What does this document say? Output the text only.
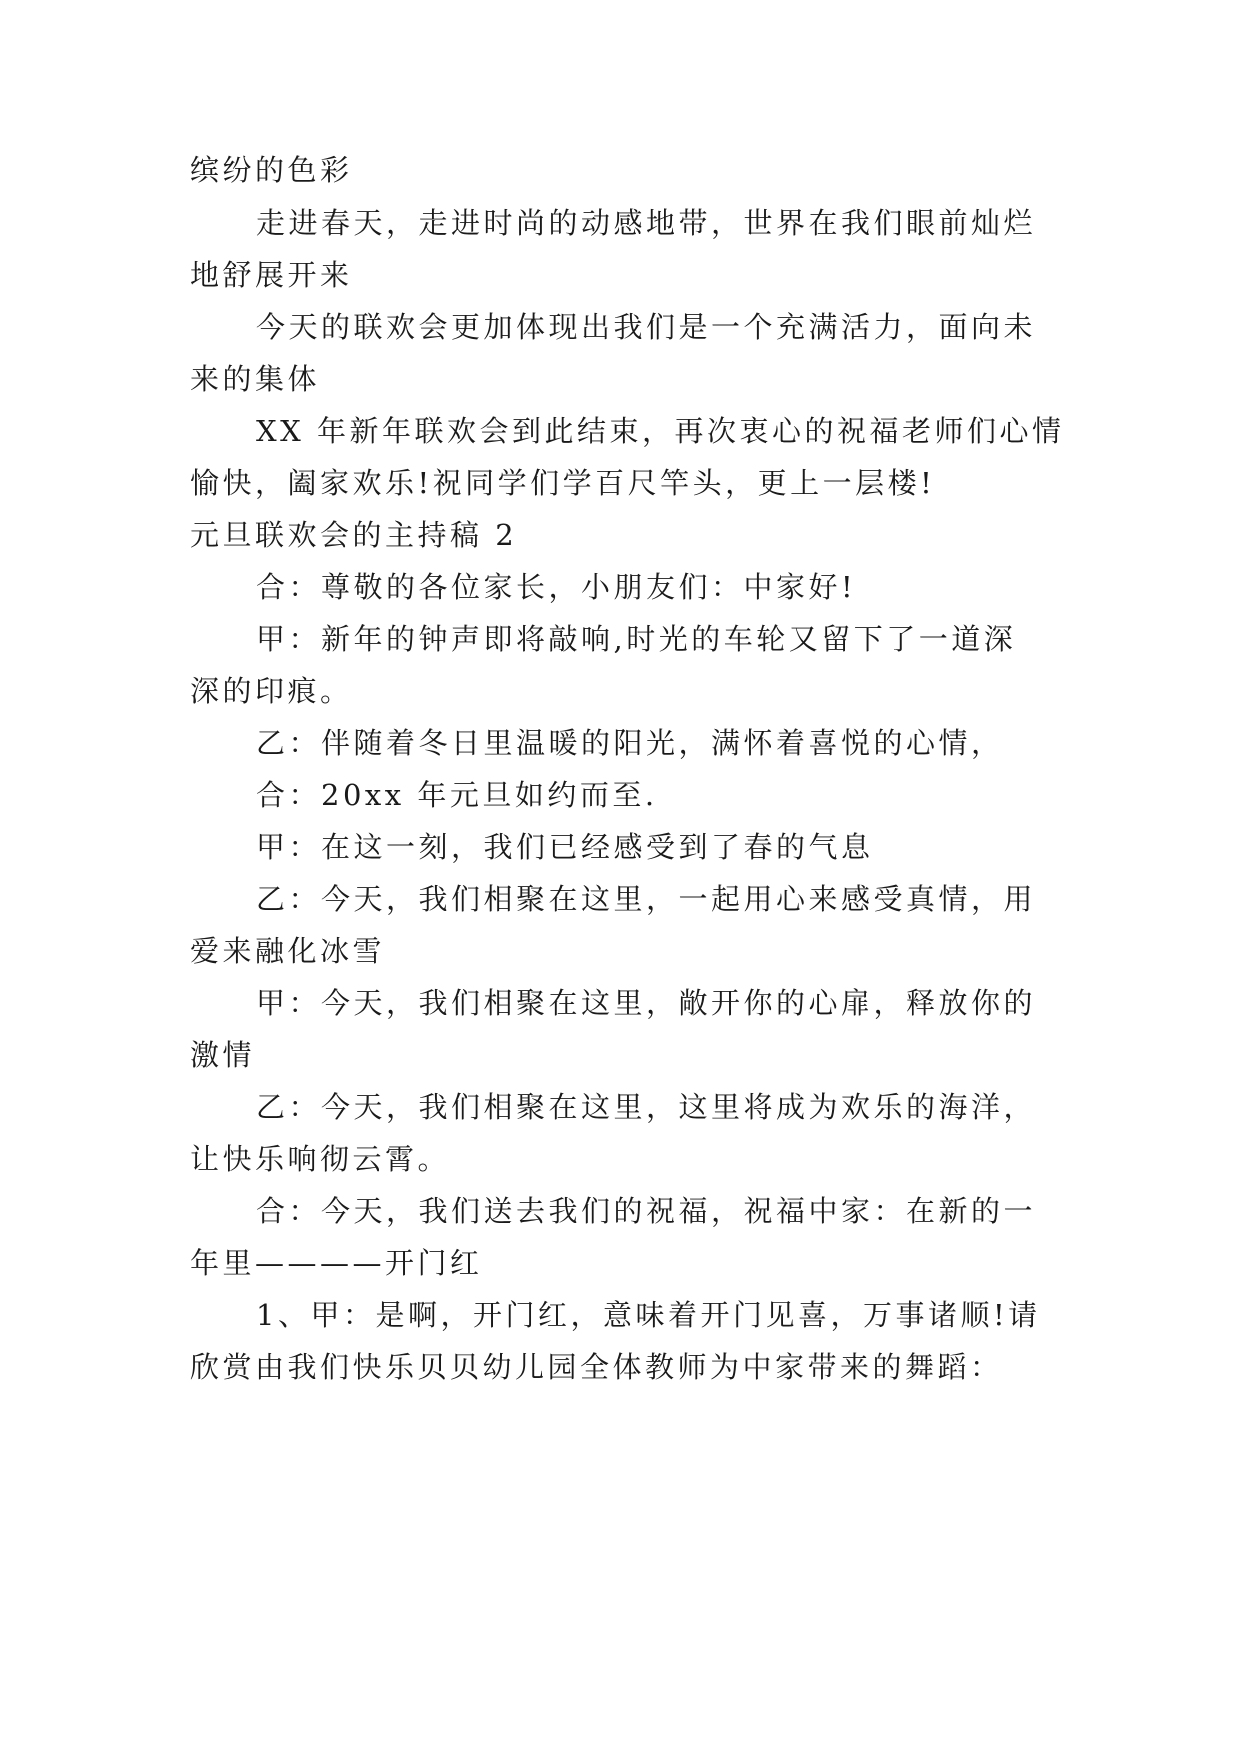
缤纷的色彩

走进春天，走进时尚的动感地带，世界在我们眼前灿烂

地舒展开来

今天的联欢会更加体现出我们是一个充满活力，面向未

来的集体

XX 年新年联欢会到此结束，再次衷心的祝福老师们心情

愉快，阖家欢乐!祝同学们学百尺竿头，更上一层楼!

元旦联欢会的主持稿 2

合：尊敬的各位家长，小朋友们：中家好!

甲：新年的钟声即将敲响,时光的车轮又留下了一道深

深的印痕。

乙：伴随着冬日里温暖的阳光，满怀着喜悦的心情，

合：20xx 年元旦如约而至.

甲：在这一刻，我们已经感受到了春的气息

乙：今天，我们相聚在这里，一起用心来感受真情，用

爱来融化冰雪

甲：今天，我们相聚在这里，敞开你的心扉，释放你的

激情

乙：今天，我们相聚在这里，这里将成为欢乐的海洋，

让快乐响彻云霄。

合：今天，我们送去我们的祝福，祝福中家：在新的一

年里————开门红

1、甲：是啊，开门红，意味着开门见喜，万事诸顺!请

欣赏由我们快乐贝贝幼儿园全体教师为中家带来的舞蹈：
